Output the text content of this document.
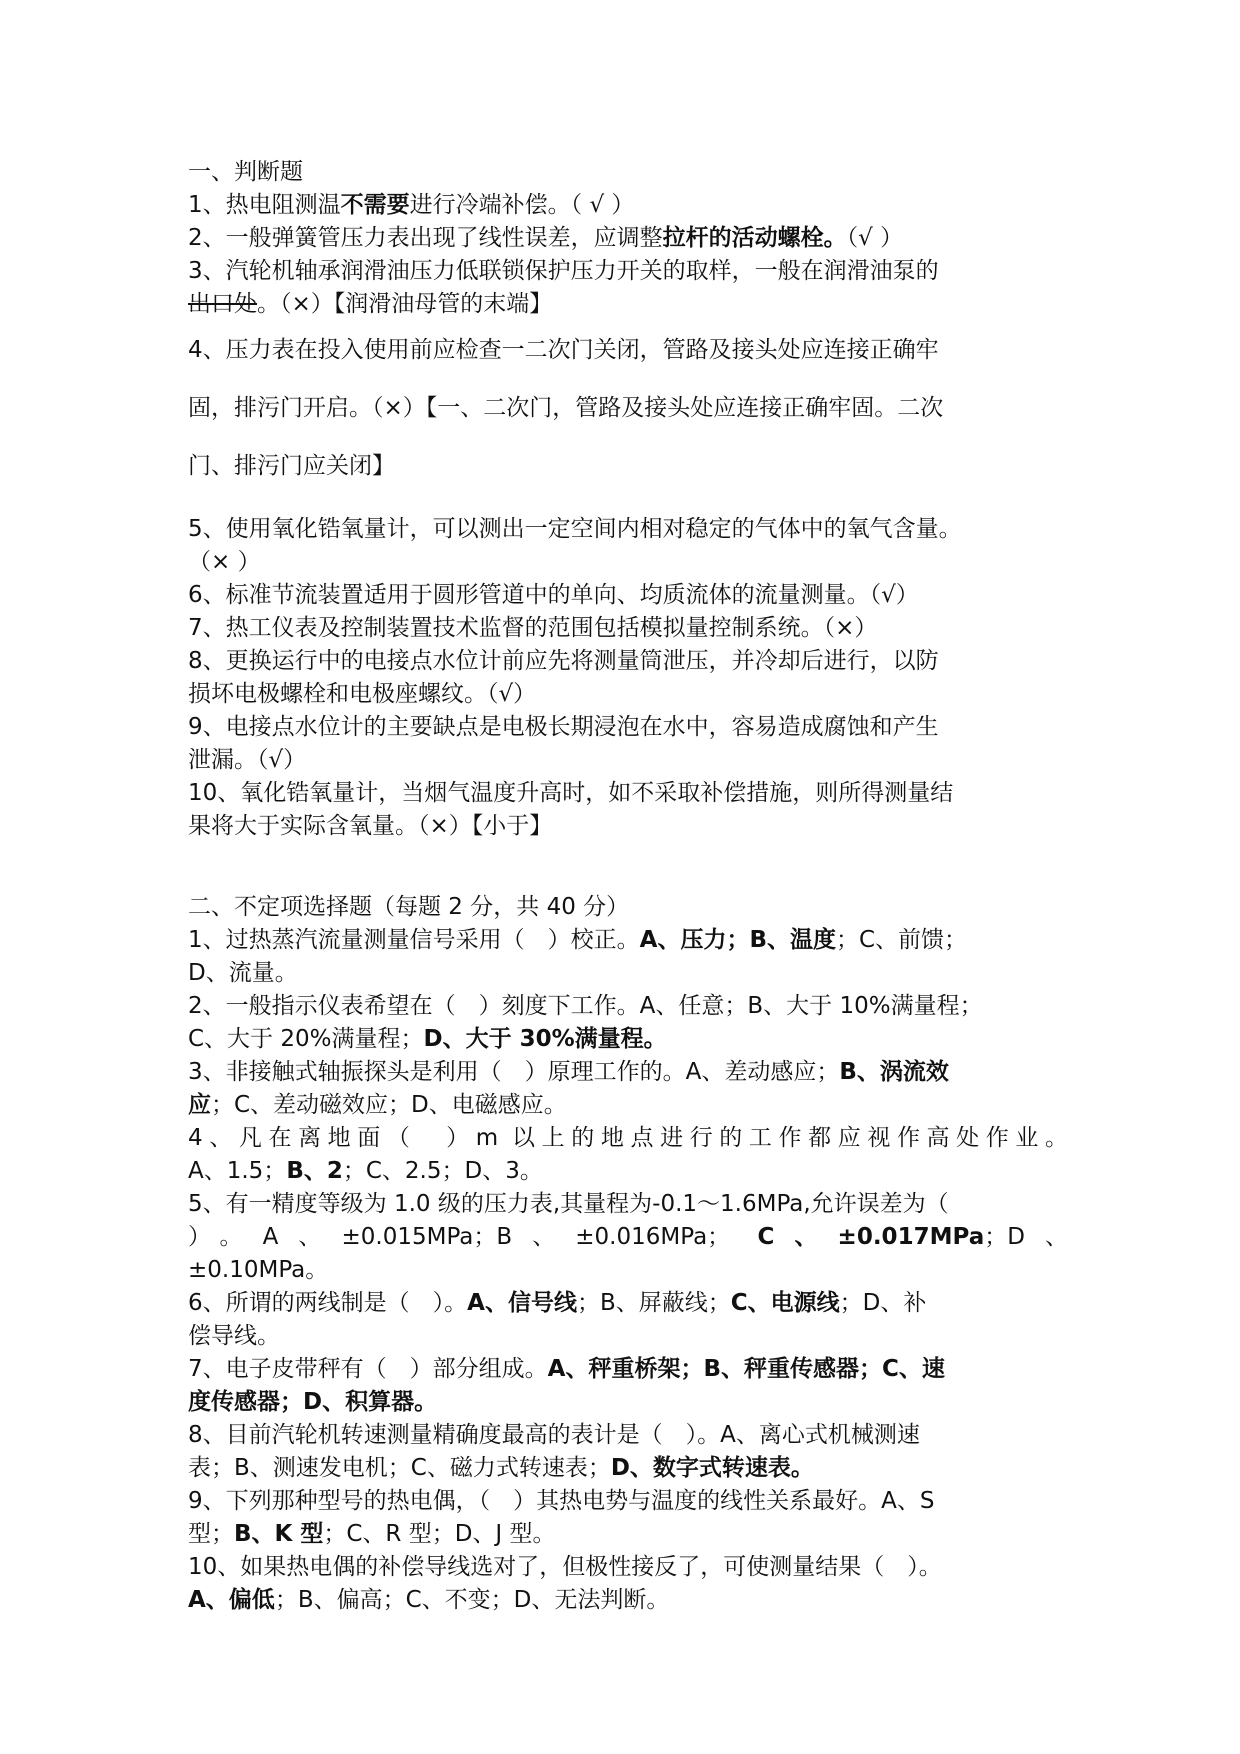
一、判断题
1、热电阻测温不需要进行冷端补偿。（ √ ）
2、一般弹簧管压力表出现了线性误差，应调整拉杆的活动螺栓。（√ ）
3、汽轮机轴承润滑油压力低联锁保护压力开关的取样，一般在润滑油泵的
出口处。（×）【润滑油母管的末端】
4、压力表在投入使用前应检查一二次门关闭，管路及接头处应连接正确牢
固，排污门开启。（×）【一、二次门，管路及接头处应连接正确牢固。二次
门、排污门应关闭】
5、使用氧化锆氧量计，可以测出一定空间内相对稳定的气体中的氧气含量。
（× ）
6、标准节流装置适用于圆形管道中的单向、均质流体的流量测量。（√）
7、热工仪表及控制装置技术监督的范围包括模拟量控制系统。（×）
8、更换运行中的电接点水位计前应先将测量筒泄压，并冷却后进行，以防
损坏电极螺栓和电极座螺纹。（√）
9、电接点水位计的主要缺点是电极长期浸泡在水中，容易造成腐蚀和产生
泄漏。（√）
10、氧化锆氧量计，当烟气温度升高时，如不采取补偿措施，则所得测量结
果将大于实际含氧量。（×）【小于】
二、不定项选择题（每题 2 分，共 40 分）
1、过热蒸汽流量测量信号采用（　）校正。A、压力；B、温度；C、前馈；
D、流量。
2、一般指示仪表希望在（　）刻度下工作。A、任意；B、大于 10%满量程；
C、大于 20%满量程；D、大于 30%满量程。
3、非接触式轴振探头是利用（　）原理工作的。A、差动感应；B、涡流效
应；C、差动磁效应；D、电磁感应。
4、凡在离地面（　）m 以上的地点进行的工作都应视作高处作业。
A、1.5；B、2；C、2.5；D、3。
5、有一精度等级为 1.0 级的压力表,其量程为-0.1～1.6MPa,允许误差为（
）。A、±0.015MPa；B、±0.016MPa； C、±0.017MPa；D、
±0.10MPa。
6、所谓的两线制是（　）。A、信号线；B、屏蔽线；C、电源线；D、补
偿导线。
7、电子皮带秤有（　）部分组成。A、秤重桥架；B、秤重传感器；C、速
度传感器；D、积算器。
8、目前汽轮机转速测量精确度最高的表计是（　）。A、离心式机械测速
表；B、测速发电机；C、磁力式转速表；D、数字式转速表。
9、下列那种型号的热电偶，（　）其热电势与温度的线性关系最好。A、S
型；B、K 型；C、R 型；D、J 型。
10、如果热电偶的补偿导线选对了，但极性接反了，可使测量结果（　）。
A、偏低；B、偏高；C、不变；D、无法判断。
